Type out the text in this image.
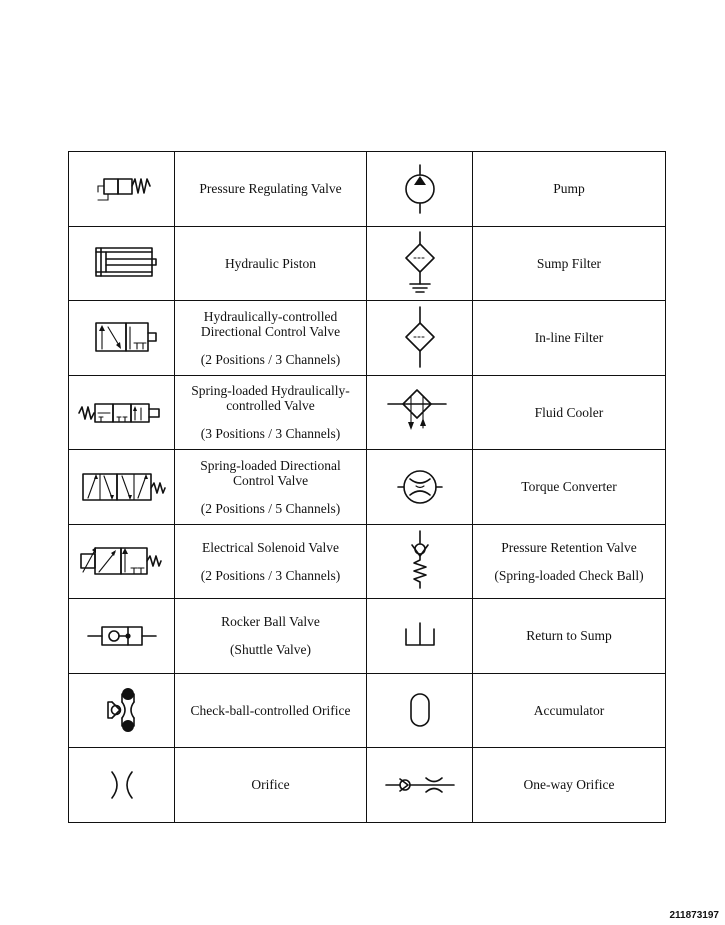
Pressure Regulating Valve		Pump

Hydraulic Piston		Sump Filter

Hydraulically-controlled
Directional Control Valve
(2 Positions / 3 Channels)		In-line Filter

Spring-loaded Hydraulically-
controlled Valve
(3 Positions / 3 Channels)		Fluid Cooler

Spring-loaded Directional
Control Valve
(2 Positions / 5 Channels)		Torque Converter

Electrical Solenoid Valve
(2 Positions / 3 Channels)		Pressure Retention Valve
(Spring-loaded Check Ball)

Rocker Ball Valve
(Shuttle Valve)		Return to Sump

Check-ball-controlled Orifice		Accumulator

Orifice		One-way Orifice
211873197
